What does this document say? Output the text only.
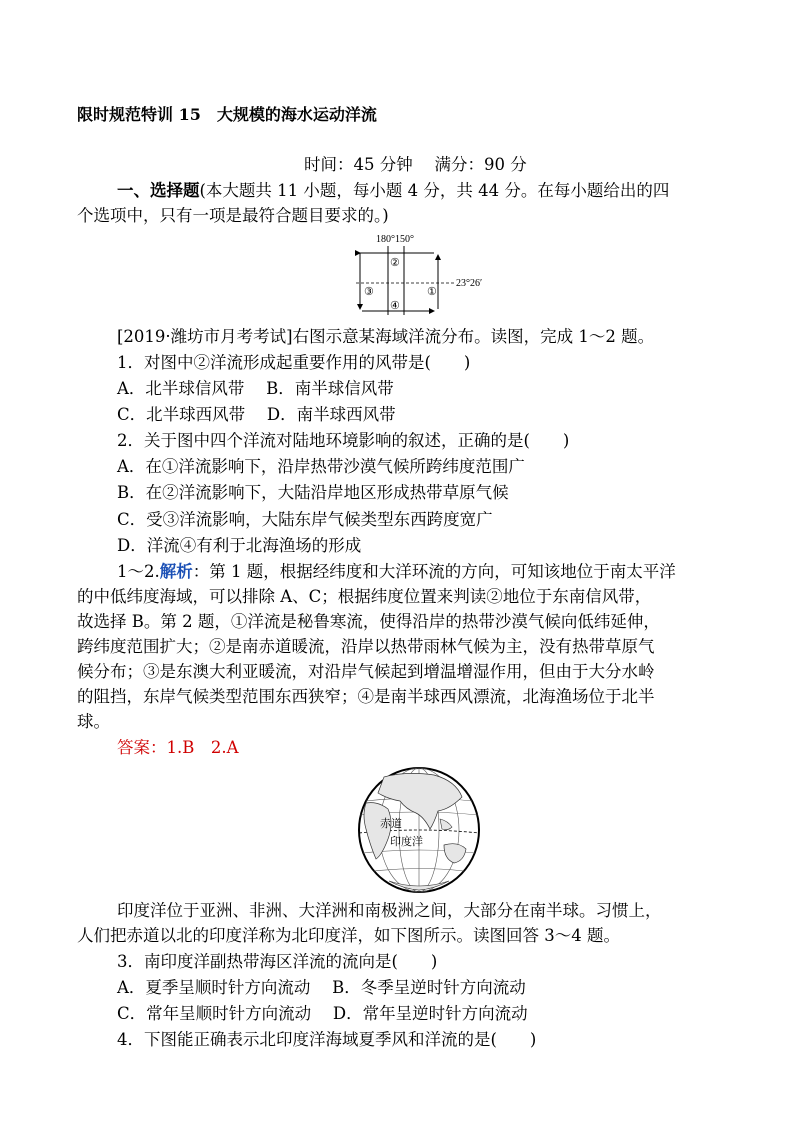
限时规范特训 15　大规模的海水运动洋流
时间：45 分钟　 满分：90 分
一、选择题(本大题共 11 小题，每小题 4 分，共 44 分。在每小题给出的四
个选项中，只有一项是最符合题目要求的。)
180°150°
23°26′
①
②
③
④
[2019·潍坊市月考考试]右图示意某海域洋流分布。读图，完成 1～2 题。
1．对图中②洋流形成起重要作用的风带是(　　)
A．北半球信风带　 B．南半球信风带
C．北半球西风带　 D．南半球西风带
2．关于图中四个洋流对陆地环境影响的叙述，正确的是(　　)
A．在①洋流影响下，沿岸热带沙漠气候所跨纬度范围广
B．在②洋流影响下，大陆沿岸地区形成热带草原气候
C．受③洋流影响，大陆东岸气候类型东西跨度宽广
D．洋流④有利于北海渔场的形成
1～2.解析：第 1 题，根据经纬度和大洋环流的方向，可知该地位于南太平洋
的中低纬度海域，可以排除 A、C；根据纬度位置来判读②地位于东南信风带，
故选择 B。第 2 题，①洋流是秘鲁寒流，使得沿岸的热带沙漠气候向低纬延伸，
跨纬度范围扩大；②是南赤道暖流，沿岸以热带雨林气候为主，没有热带草原气
候分布；③是东澳大利亚暖流，对沿岸气候起到增温增湿作用，但由于大分水岭
的阻挡，东岸气候类型范围东西狭窄；④是南半球西风漂流，北海渔场位于北半
球。
答案：1.B　2.A
赤道
印度洋
印度洋位于亚洲、非洲、大洋洲和南极洲之间，大部分在南半球。习惯上，
人们把赤道以北的印度洋称为北印度洋，如下图所示。读图回答 3～4 题。
3．南印度洋副热带海区洋流的流向是(　　)
A．夏季呈顺时针方向流动　 B．冬季呈逆时针方向流动
C．常年呈顺时针方向流动　 D．常年呈逆时针方向流动
4．下图能正确表示北印度洋海域夏季风和洋流的是(　　)
